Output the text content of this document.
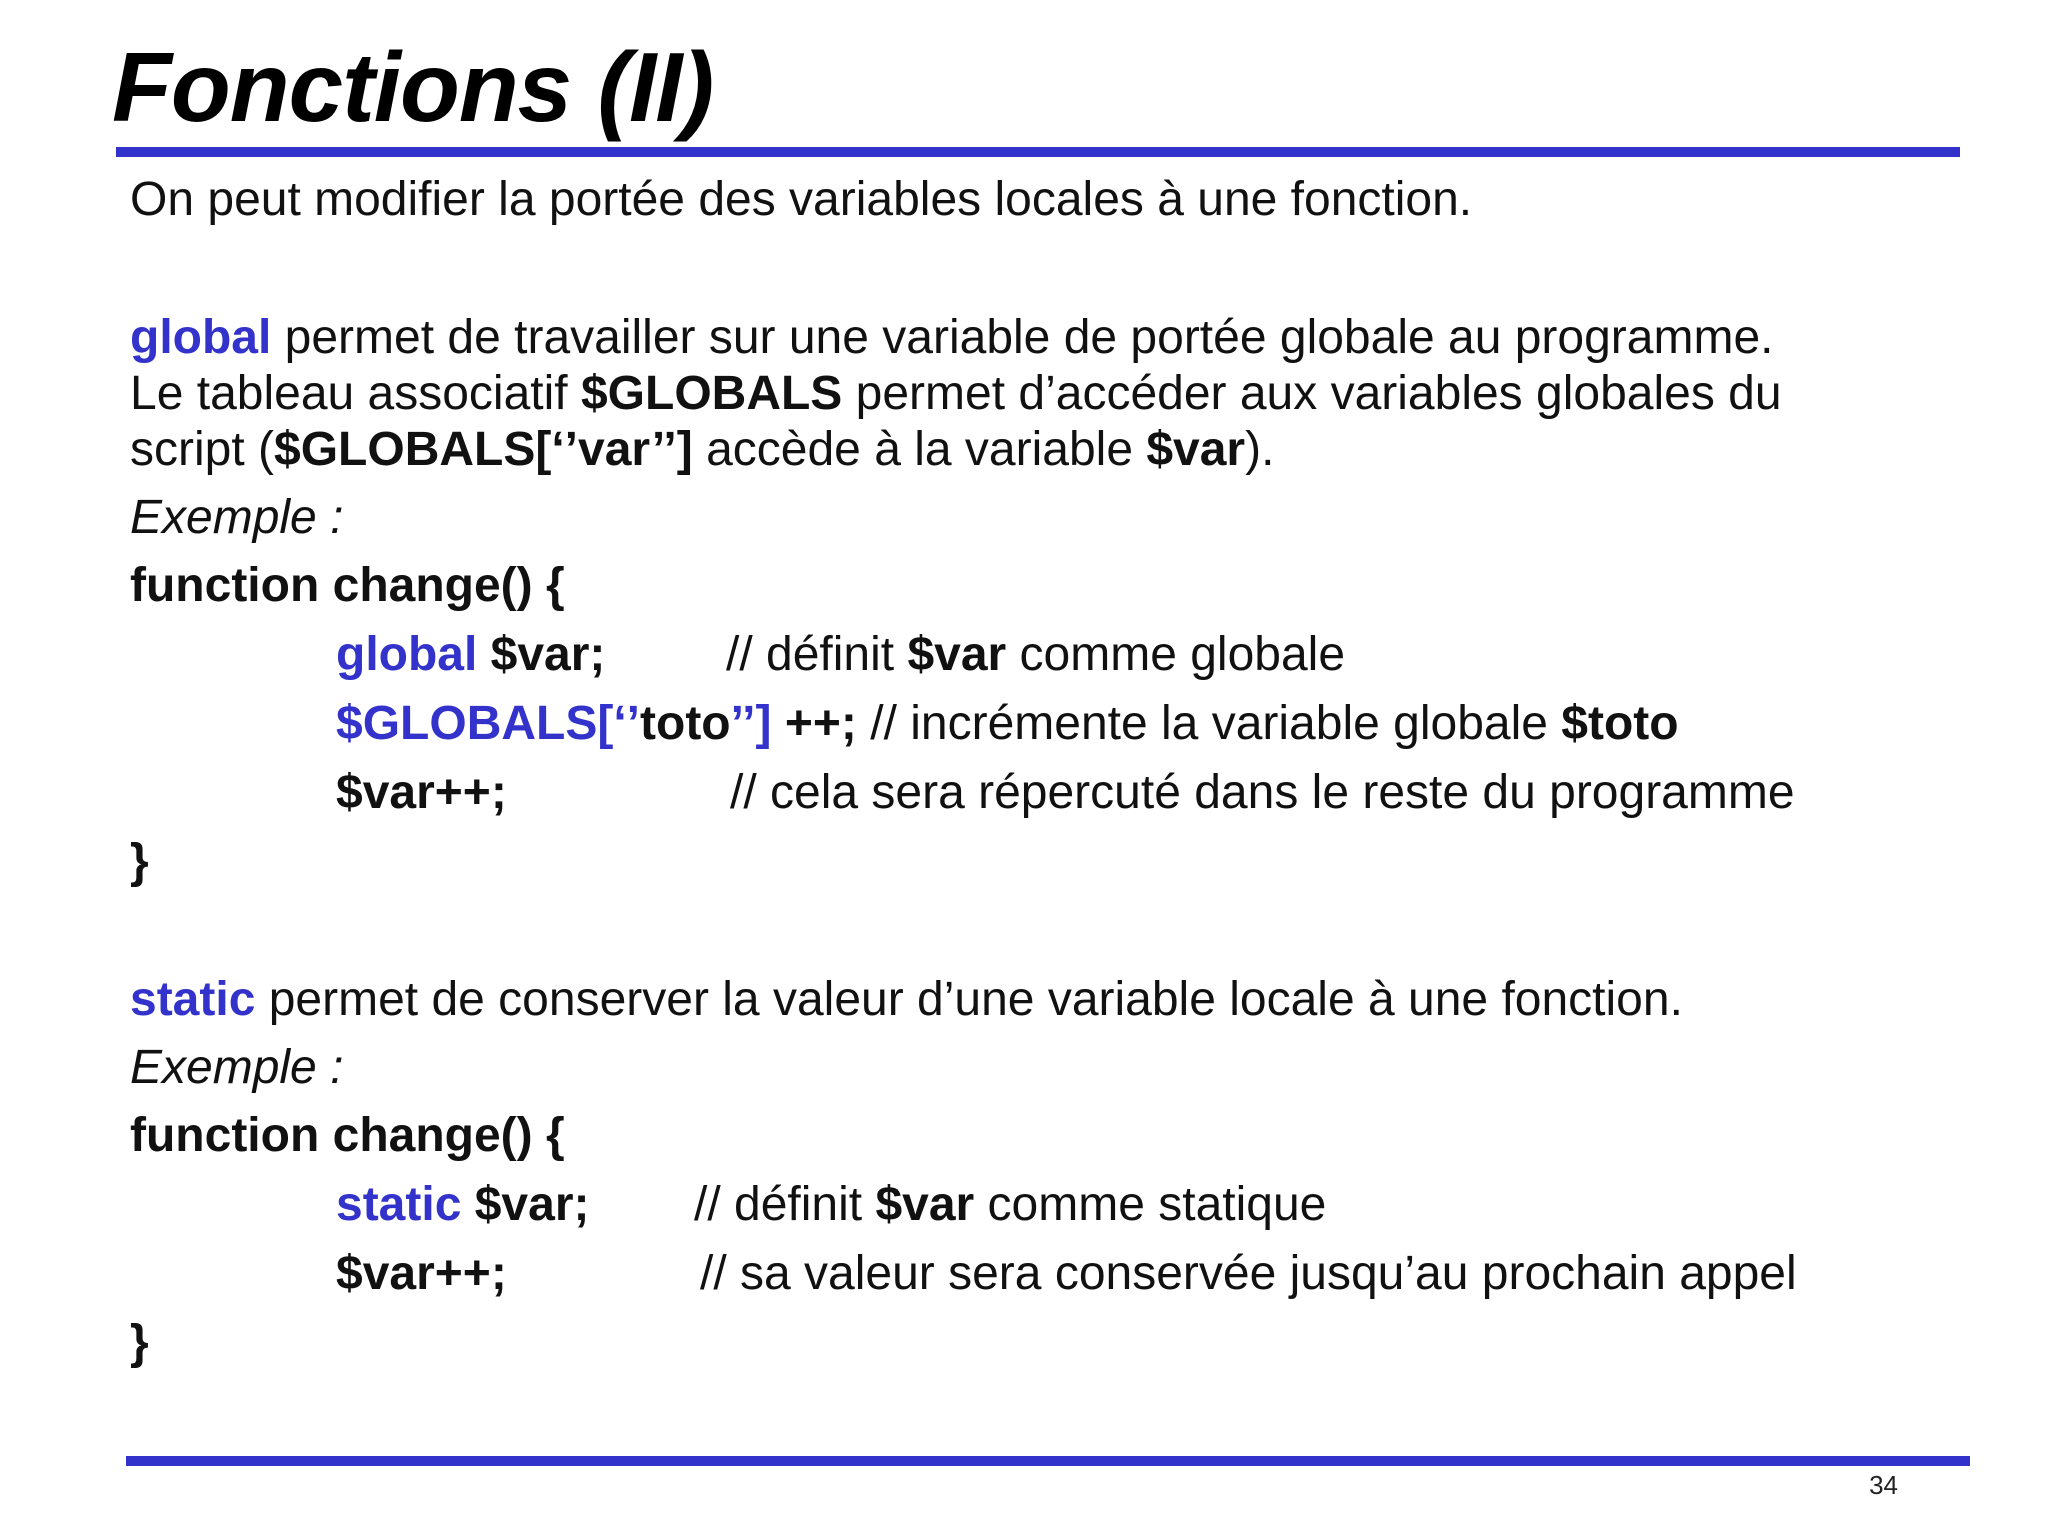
Fonctions (II)
On peut modifier la portée des variables locales à une fonction.
global permet de travailler sur une variable de portée globale au programme.
Le tableau associatif $GLOBALS permet d’accéder aux variables globales du
script ($GLOBALS[‘’var’’] accède à la variable $var).
Exemple :
function change() {
global $var;	// définit $var comme globale
$GLOBALS[‘’toto’’] ++; // incrémente la variable globale $toto
$var++;	// cela sera répercuté dans le reste du programme
}
static permet de conserver la valeur d’une variable locale à une fonction.
Exemple :
function change() {
static $var; // définit $var comme statique
$var++;	// sa valeur sera conservée jusqu’au prochain appel
}
34
